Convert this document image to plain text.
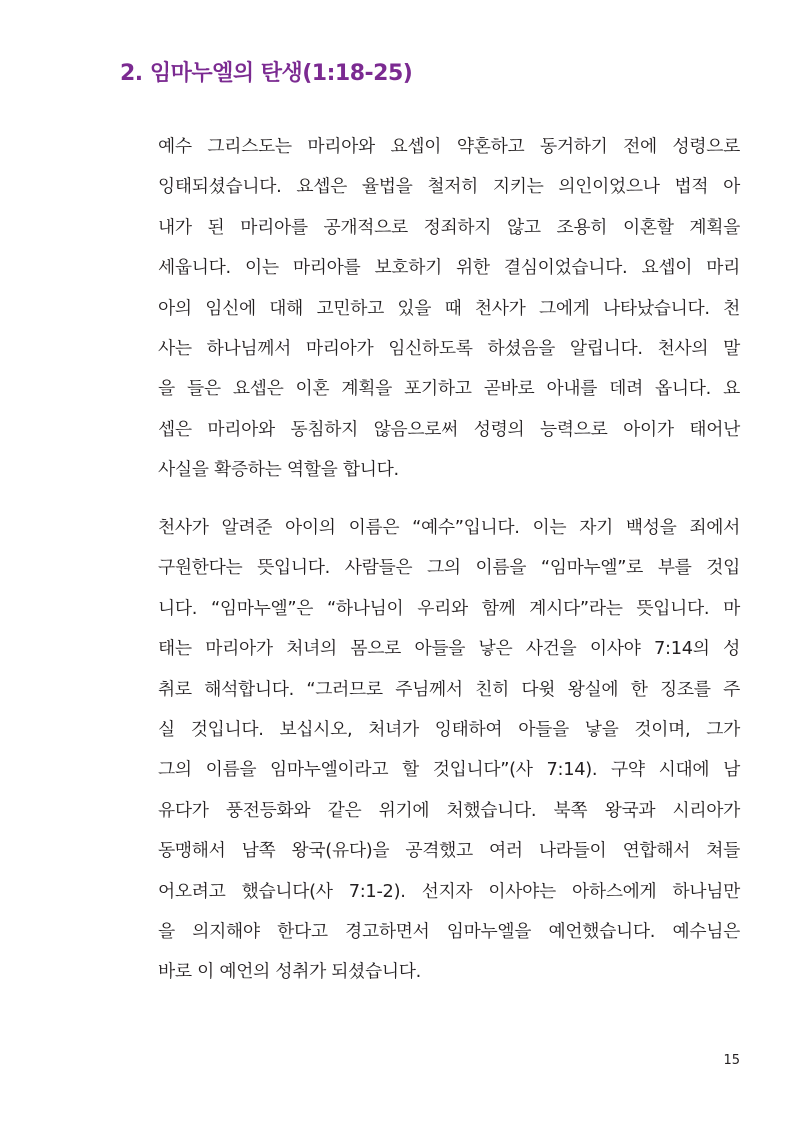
2. 임마누엘의 탄생(1:18-25)
예수 그리스도는 마리아와 요셉이 약혼하고 동거하기 전에 성령으로
잉태되셨습니다. 요셉은 율법을 철저히 지키는 의인이었으나 법적 아
내가 된 마리아를 공개적으로 정죄하지 않고 조용히 이혼할 계획을
세웁니다. 이는 마리아를 보호하기 위한 결심이었습니다. 요셉이 마리
아의 임신에 대해 고민하고 있을 때 천사가 그에게 나타났습니다. 천
사는 하나님께서 마리아가 임신하도록 하셨음을 알립니다. 천사의 말
을 들은 요셉은 이혼 계획을 포기하고 곧바로 아내를 데려 옵니다. 요
셉은 마리아와 동침하지 않음으로써 성령의 능력으로 아이가 태어난
사실을 확증하는 역할을 합니다.
천사가 알려준 아이의 이름은 “예수”입니다. 이는 자기 백성을 죄에서
구원한다는 뜻입니다. 사람들은 그의 이름을 “임마누엘”로 부를 것입
니다. “임마누엘”은 “하나님이 우리와 함께 계시다”라는 뜻입니다. 마
태는 마리아가 처녀의 몸으로 아들을 낳은 사건을 이사야 7:14의 성
취로 해석합니다. “그러므로 주님께서 친히 다윗 왕실에 한 징조를 주
실 것입니다. 보십시오, 처녀가 잉태하여 아들을 낳을 것이며, 그가
그의 이름을 임마누엘이라고 할 것입니다”(사 7:14). 구약 시대에 남
유다가 풍전등화와 같은 위기에 처했습니다. 북쪽 왕국과 시리아가
동맹해서 남쪽 왕국(유다)을 공격했고 여러 나라들이 연합해서 쳐들
어오려고 했습니다(사 7:1-2). 선지자 이사야는 아하스에게 하나님만
을 의지해야 한다고 경고하면서 임마누엘을 예언했습니다. 예수님은
바로 이 예언의 성취가 되셨습니다.
15
